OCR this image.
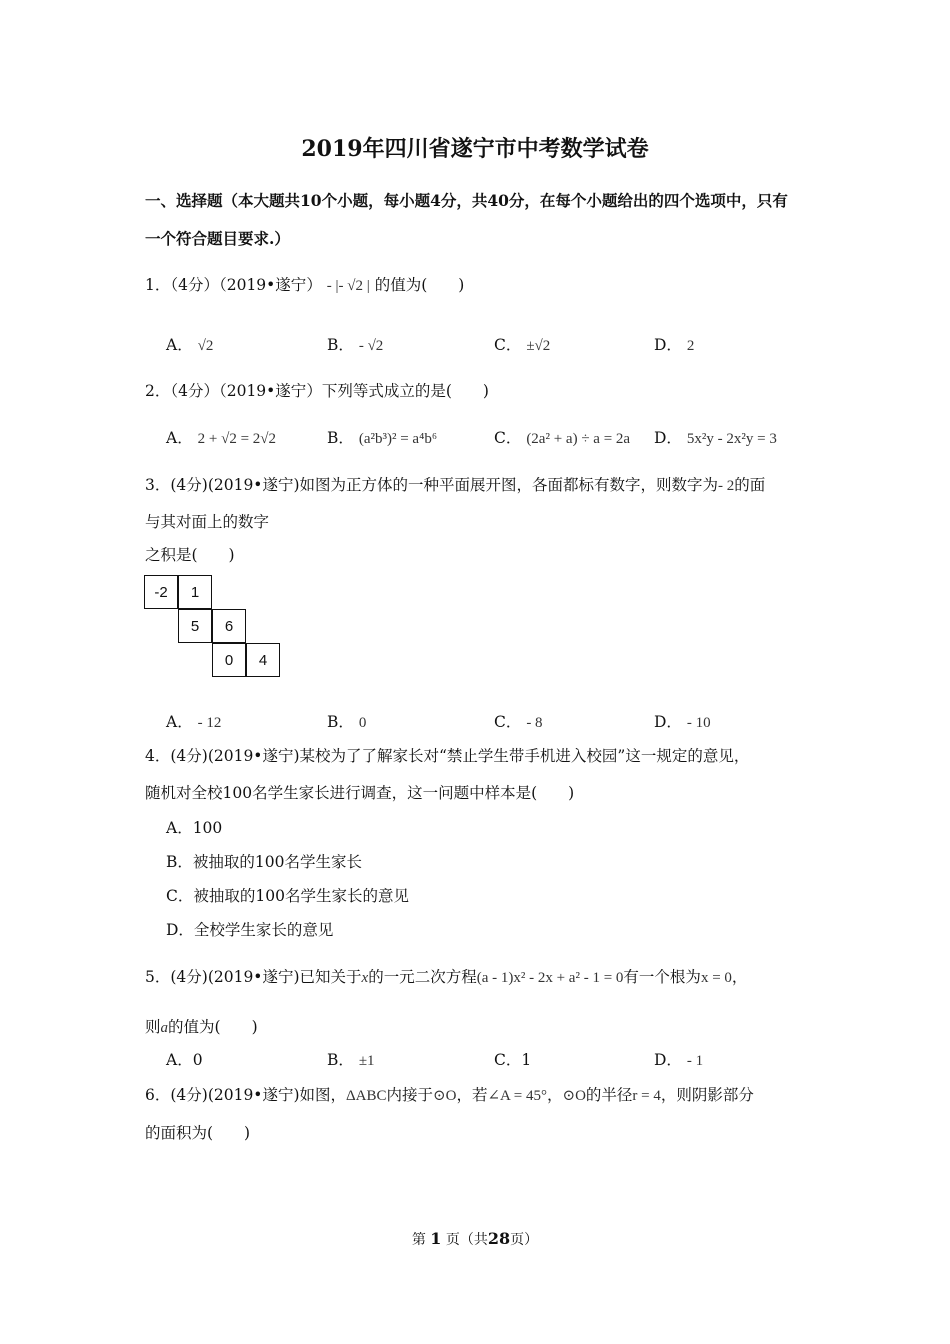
2019年四川省遂宁市中考数学试卷
一、选择题（本大题共10个小题，每小题4分，共40分，在每个小题给出的四个选项中，只有
一个符合题目要求.）
1．（4分）（2019•遂宁） - |- √2 | 的值为(　　)
A． √2	B． - √2	C． ±√2	D． 2
2．（4分）（2019•遂宁）下列等式成立的是(　　)
A． 2 + √2 = 2√2	B． (a²b³)² = a⁴b⁶	C． (2a² + a) ÷ a = 2a D． 5x²y - 2x²y = 3
3．(4分)(2019•遂宁)如图为正方体的一种平面展开图，各面都标有数字，则数字为- 2的面
与其对面上的数字
之积是(　　)
-2	1
5	6
0	4
A． - 12	B． 0	C． - 8	D． - 10
4．(4分)(2019•遂宁)某校为了了解家长对“禁止学生带手机进入校园”这一规定的意见，
随机对全校100名学生家长进行调查，这一问题中样本是(　　)
A．100
B．被抽取的100名学生家长
C．被抽取的100名学生家长的意见
D．全校学生家长的意见
5．(4分)(2019•遂宁)已知关于x的一元二次方程(a - 1)x² - 2x + a² - 1 = 0有一个根为x = 0，
则a的值为(　　)
A．0	B． ±1	C．1	D． - 1
6．(4分)(2019•遂宁)如图，ΔABC内接于⊙O，若∠A = 45°，⊙O的半径r = 4，则阴影部分
的面积为(　　)
第 1 页（共28页）
